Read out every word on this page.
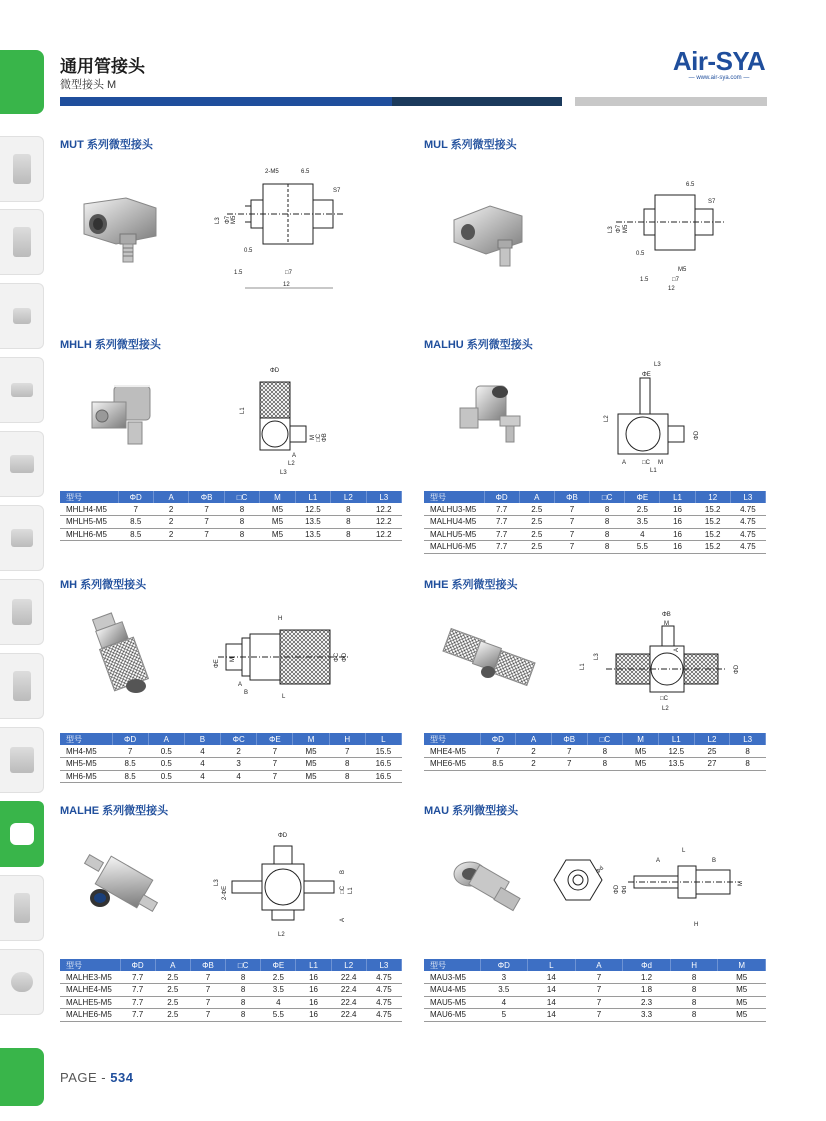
通用管接头
微型接头 M
Air-SYA
— www.air-sya.com —
MUT 系列微型接头
2-M5	6.5
S7
L3 Φ7 M5
0.5
1.5	□7
12
MUL 系列微型接头
6.5
S7
L3 Φ7 M5
0.5
M5
1.5	□7
12
MHLH 系列微型接头
ΦD
L1
M □C ΦB
A
L2
L3
型号	ΦD	A	ΦB	□C	M	L1	L2	L3
MHLH4-M5	7	2	7	8	M5	12.5	8	12.2
MHLH5-M5	8.5	2	7	8	M5	13.5	8	12.2
MHLH6-M5	8.5	2	7	8	M5	13.5	8	12.2
MALHU 系列微型接头
L3
ΦE
L2
ΦD
A	□C M
L1
型号	ΦD	A	ΦB	□C	ΦE	L1	12	L3
MALHU3-M5	7.7	2.5	7	8	2.5	16	15.2	4.75
MALHU4-M5	7.7	2.5	7	8	3.5	16	15.2	4.75
MALHU5-M5	7.7	2.5	7	8	4	16	15.2	4.75
MALHU6-M5	7.7	2.5	7	8	5.5	16	15.2	4.75
MH 系列微型接头
H
ΦE M	ΦC ΦD
A
B
L
型号	ΦD	A	B	ΦC	ΦE	M	H	L
MH4-M5	7	0.5	4	2	7	M5	7	15.5
MH5-M5	8.5	0.5	4	3	7	M5	8	16.5
MH6-M5	8.5	0.5	4	4	7	M5	8	16.5
MHE 系列微型接头
ΦB
M
A
L1
L3
ΦD
□C
L2
型号	ΦD	A	ΦB	□C	M	L1	L2	L3
MHE4-M5	7	2	7	8	M5	12.5	25	8
MHE6-M5	8.5	2	7	8	M5	13.5	27	8
MALHE 系列微型接头
ΦD
L3
2-ΦE
B
□C L1
A
L2
型号	ΦD	A	ΦB	□C	ΦE	L1	L2	L3
MALHE3-M5	7.7	2.5	7	8	2.5	16	22.4	4.75
MALHE4-M5	7.7	2.5	7	8	3.5	16	22.4	4.75
MALHE5-M5	7.7	2.5	7	8	4	16	22.4	4.75
MALHE6-M5	7.7	2.5	7	8	5.5	16	22.4	4.75
MAU 系列微型接头
L
A	B
Φd
ΦD Φd
M
H
型号	ΦD	L	A	Φd	H	M
MAU3-M5	3	14	7	1.2	8	M5
MAU4-M5	3.5	14	7	1.8	8	M5
MAU5-M5	4	14	7	2.3	8	M5
MAU6-M5	5	14	7	3.3	8	M5
PAGE - 534
